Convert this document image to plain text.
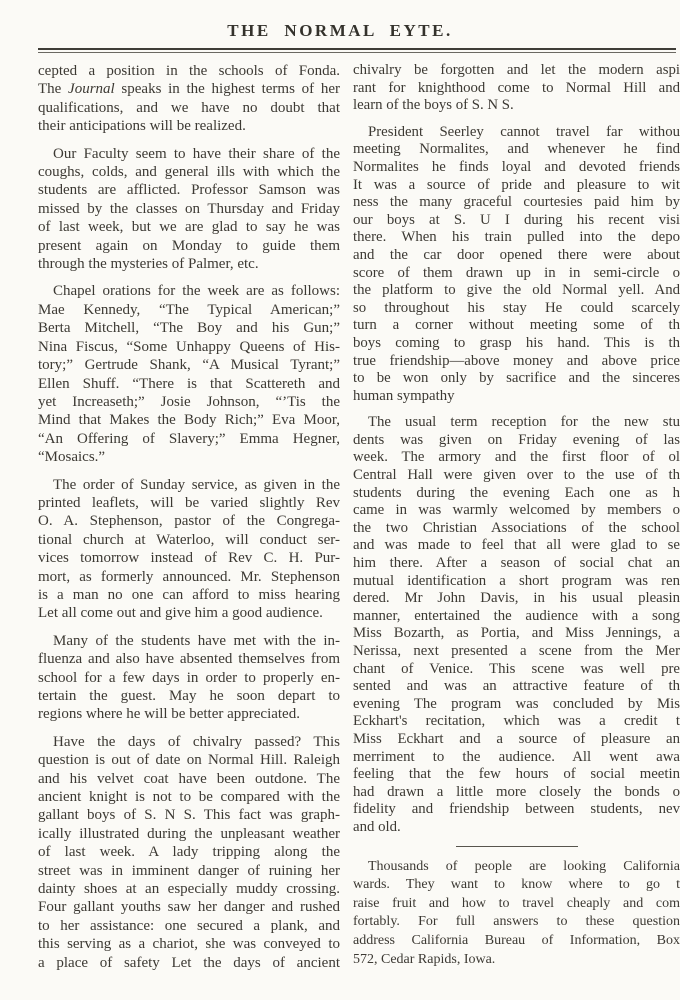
THE NORMAL EYTE.
cepted a position in the schools of Fonda.
The Journal speaks in the highest terms of her
qualifications, and we have no doubt that
their anticipations will be realized.
Our Faculty seem to have their share of the
coughs, colds, and general ills with which the
students are afflicted. Professor Samson was
missed by the classes on Thursday and Friday
of last week, but we are glad to say he was
present again on Monday to guide them
through the mysteries of Palmer, etc.
Chapel orations for the week are as follows:
Mae Kennedy, “The Typical American;”
Berta Mitchell, “The Boy and his Gun;”
Nina Fiscus, “Some Unhappy Queens of His-
tory;” Gertrude Shank, “A Musical Tyrant;”
Ellen Shuff. “There is that Scattereth and
yet Increaseth;” Josie Johnson, “’Tis the
Mind that Makes the Body Rich;” Eva Moor,
“An Offering of Slavery;” Emma Hegner,
“Mosaics.”
The order of Sunday service, as given in the
printed leaflets, will be varied slightly Rev
O. A. Stephenson, pastor of the Congrega-
tional church at Waterloo, will conduct ser-
vices tomorrow instead of Rev C. H. Pur-
mort, as formerly announced. Mr. Stephenson
is a man no one can afford to miss hearing
Let all come out and give him a good audience.
Many of the students have met with the in-
fluenza and also have absented themselves from
school for a few days in order to properly en-
tertain the guest. May he soon depart to
regions where he will be better appreciated.
Have the days of chivalry passed? This
question is out of date on Normal Hill. Raleigh
and his velvet coat have been outdone. The
ancient knight is not to be compared with the
gallant boys of S. N S. This fact was graph-
ically illustrated during the unpleasant weather
of last week. A lady tripping along the
street was in imminent danger of ruining her
dainty shoes at an especially muddy crossing.
Four gallant youths saw her danger and rushed
to her assistance: one secured a plank, and
this serving as a chariot, she was conveyed to
a place of safety Let the days of ancient
chivalry be forgotten and let the modern aspi
rant for knighthood come to Normal Hill and
learn of the boys of S. N S.
President Seerley cannot travel far withou
meeting Normalites, and whenever he find
Normalites he finds loyal and devoted friends
It was a source of pride and pleasure to wit
ness the many graceful courtesies paid him by
our boys at S. U I during his recent visi
there. When his train pulled into the depo
and the car door opened there were about
score of them drawn up in in semi-circle o
the platform to give the old Normal yell. And
so throughout his stay He could scarcely
turn a corner without meeting some of th
boys coming to grasp his hand. This is th
true friendship—above money and above price
to be won only by sacrifice and the sinceres
human sympathy
The usual term reception for the new stu
dents was given on Friday evening of las
week. The armory and the first floor of ol
Central Hall were given over to the use of th
students during the evening Each one as h
came in was warmly welcomed by members o
the two Christian Associations of the school
and was made to feel that all were glad to se
him there. After a season of social chat an
mutual identification a short program was ren
dered. Mr John Davis, in his usual pleasin
manner, entertained the audience with a song
Miss Bozarth, as Portia, and Miss Jennings, a
Nerissa, next presented a scene from the Mer
chant of Venice. This scene was well pre
sented and was an attractive feature of th
evening The program was concluded by Mis
Eckhart's recitation, which was a credit t
Miss Eckhart and a source of pleasure an
merriment to the audience. All went awa
feeling that the few hours of social meetin
had drawn a little more closely the bonds o
fidelity and friendship between students, nev
and old.
Thousands of people are looking California
wards. They want to know where to go t
raise fruit and how to travel cheaply and com
fortably. For full answers to these question
address California Bureau of Information, Box
572, Cedar Rapids, Iowa.
